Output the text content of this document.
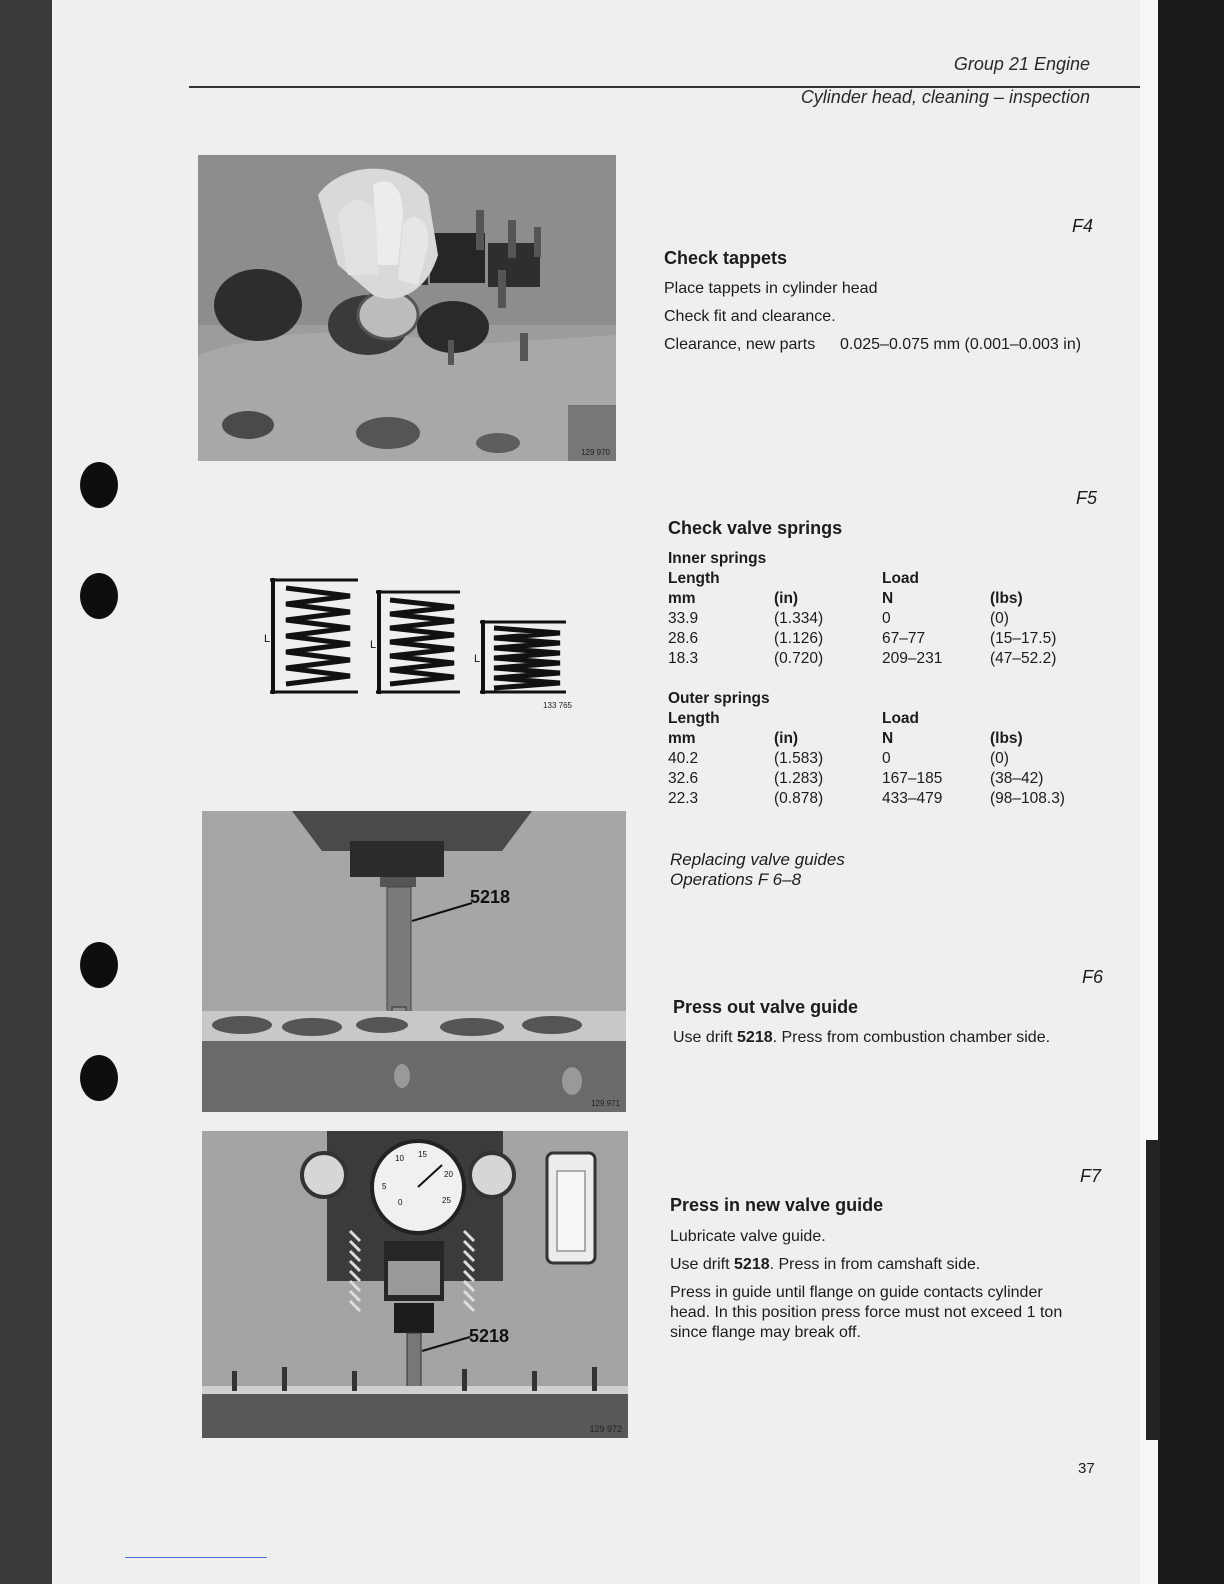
Group 21 Engine
Cylinder head, cleaning – inspection
129 970
L	L
L
133 765
5218
129 971
5
10 15
20
25
0
5218
129 972
F4
Check tappets
Place tappets in cylinder head
Check fit and clearance.
Clearance, new parts 0.025–0.075 mm (0.001–0.003 in)
F5
Check valve springs
Inner springs
Length	Load
mm	(in)	N	(lbs)
33.9	(1.334)	0	(0)
28.6	(1.126)	67–77	(15–17.5)
18.3	(0.720)	209–231	(47–52.2)
Outer springs
Length	Load
mm	(in)	N	(lbs)
40.2	(1.583)	0	(0)
32.6	(1.283)	167–185	(38–42)
22.3	(0.878)	433–479	(98–108.3)
Replacing valve guides
Operations F 6–8
F6
Press out valve guide
Use drift 5218. Press from combustion chamber side.
F7
Press in new valve guide
Lubricate valve guide.
Use drift 5218. Press in from camshaft side.
Press in guide until flange on guide contacts cylinder
head. In this position press force must not exceed 1 ton
since flange may break off.
37
